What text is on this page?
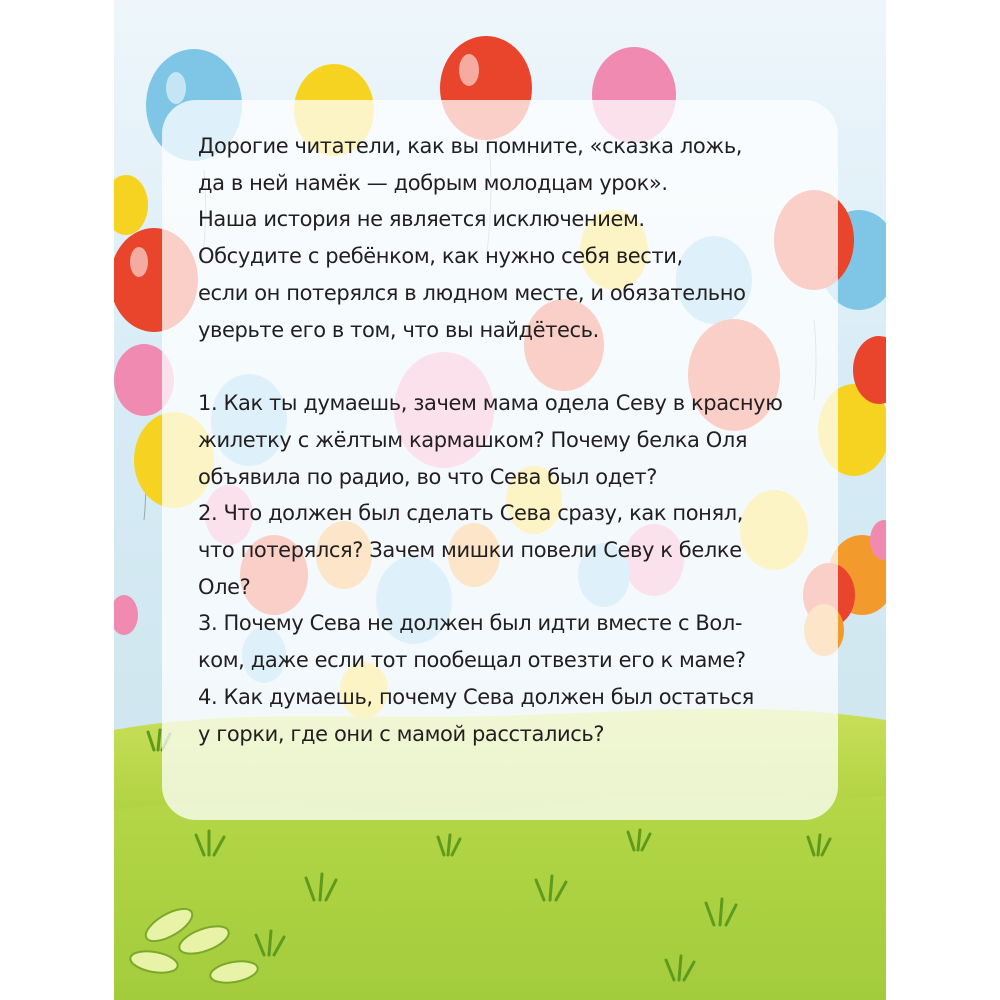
Дорогие читатели, как вы помните, «сказка ложь,

да в ней намёк — добрым молодцам урок».

Наша история не является исключением.

Обсудите с ребёнком, как нужно себя вести,

если он потерялся в людном месте, и обязательно

уверьте его в том, что вы найдётесь.

1. Как ты думаешь, зачем мама одела Севу в красную

жилетку с жёлтым кармашком? Почему белка Оля

объявила по радио, во что Сева был одет?

2. Что должен был сделать Сева сразу, как понял,

что потерялся? Зачем мишки повели Севу к белке

Оле?

3. Почему Сева не должен был идти вместе с Вол-

ком, даже если тот пообещал отвезти его к маме?

4. Как думаешь, почему Сева должен был остаться

у горки, где они с мамой расстались?
